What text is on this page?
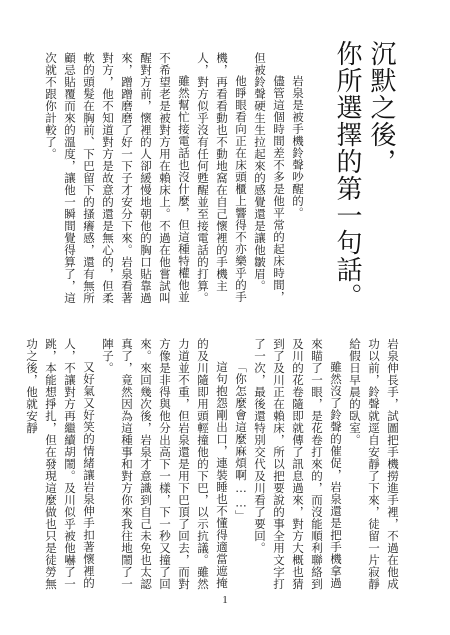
沉默之後，
你所選擇的第一句話。

岩泉是被手機鈴聲吵醒的。

儘管這個時間差不多是他平常的起床時間，但被鈴聲硬生生拉起來的感覺還是讓他皺眉。

他睜眼看向正在床頭櫃上響得不亦樂乎的手機，再看看動也不動地窩在自己懷裡的手機主人，對方似乎沒有任何甦醒並至接電話的打算。

雖然幫忙接電話也沒什麼，但這種特權他並不希望老是被對方用在賴床上。不過在他嘗試叫醒對方前，懷裡的人卻緩慢地朝他的胸口貼靠過來，蹭蹭磨磨了好一下子才安分下來。岩泉看著對方，他不知道對方是故意的還是無心的，但柔軟的頭髮在胸前、下巴留下的搔癢感，還有無所顧忌貼覆而來的溫度，讓他一瞬間覺得算了，這次就不跟你計較了。

岩泉伸長手，試圖把手機撈進手裡，不過在他成功以前，鈴聲就逕自安靜了下來，徒留一片寂靜給假日早晨的臥室。

雖然沒了鈴聲的催促，岩泉還是把手機拿過來瞄了一眼，是花卷打來的，而沒能順利聯絡到及川的花卷隨即就傳了訊息過來，對方大概也猜到了及川正在賴床，所以把要說的事全用文字打了一次，最後還特別交代及川看了要回。

「你怎麼會這麼麻煩啊……」

這句抱怨剛出口，連裝睡也不懂得適當遮掩的及川隨即用頭輕撞他的下巴，以示抗議。雖然力道並不重，但岩泉還是用下巴頂了回去，而對方像是非得與他分出高下一樣，下一秒又撞了回來。來回幾次後，岩泉才意識到自己未免也太認真了，竟然因為這種事和對方你來我往地鬧了一陣子。

又好氣又好笑的情緒讓岩泉伸手扣著懷裡的人，不讓對方再繼續胡鬧。及川似乎被他嚇了一跳，本能想掙扎，但在發現這麼做也只是徒勞無功之後，他就安靜

1
